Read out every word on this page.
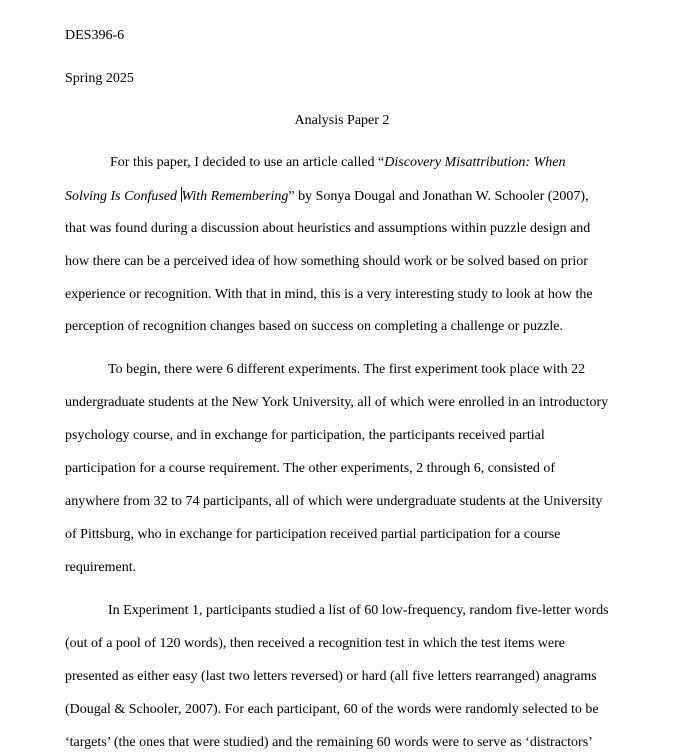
DES396-6
Spring 2025
Analysis Paper 2
For this paper, I decided to use an article called “Discovery Misattribution: When
Solving Is Confused With Remembering” by Sonya Dougal and Jonathan W. Schooler (2007),
that was found during a discussion about heuristics and assumptions within puzzle design and
how there can be a perceived idea of how something should work or be solved based on prior
experience or recognition. With that in mind, this is a very interesting study to look at how the
perception of recognition changes based on success on completing a challenge or puzzle.
To begin, there were 6 different experiments. The first experiment took place with 22
undergraduate students at the New York University, all of which were enrolled in an introductory
psychology course, and in exchange for participation, the participants received partial
participation for a course requirement. The other experiments, 2 through 6, consisted of
anywhere from 32 to 74 participants, all of which were undergraduate students at the University
of Pittsburg, who in exchange for participation received partial participation for a course
requirement.
In Experiment 1, participants studied a list of 60 low-frequency, random five-letter words
(out of a pool of 120 words), then received a recognition test in which the test items were
presented as either easy (last two letters reversed) or hard (all five letters rearranged) anagrams
(Dougal & Schooler, 2007). For each participant, 60 of the words were randomly selected to be
‘targets’ (the ones that were studied) and the remaining 60 words were to serve as ‘distractors’
